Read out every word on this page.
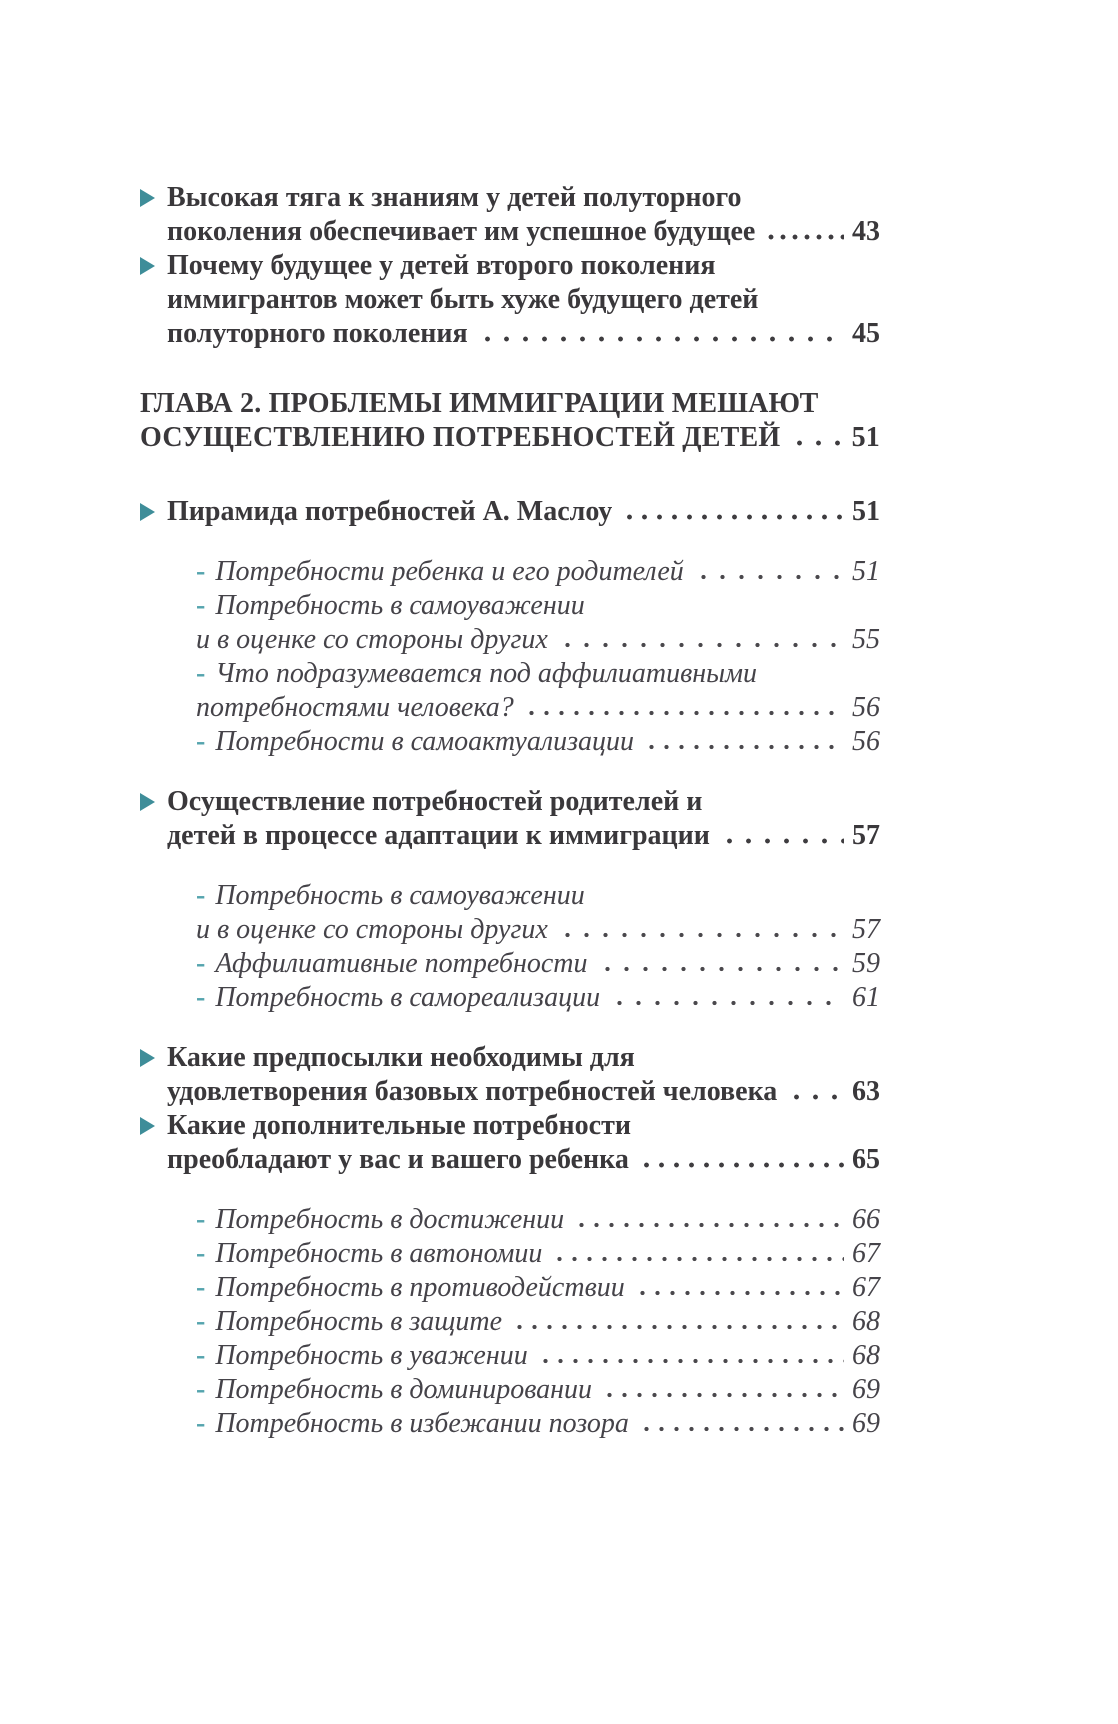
Высокая тяга к знаниям у детей полуторного
поколения обеспечивает им успешное будущее	43
Почему будущее у детей второго поколения
иммигрантов может быть хуже будущего детей
полуторного поколения	45
ГЛАВА 2. ПРОБЛЕМЫ ИММИГРАЦИИ МЕШАЮТ
ОСУЩЕСТВЛЕНИЮ ПОТРЕБНОСТЕЙ ДЕТЕЙ	51
Пирамида потребностей А. Маслоу	51
- Потребности ребенка и его родителей	51
- Потребность в самоуважении
и в оценке со стороны других	55
- Что подразумевается под аффилиативными
потребностями человека?	56
- Потребности в самоактуализации	56
Осуществление потребностей родителей и
детей в процессе адаптации к иммиграции	57
- Потребность в самоуважении
и в оценке со стороны других	57
- Аффилиативные потребности	59
- Потребность в самореализации	61
Какие предпосылки необходимы для
удовлетворения базовых потребностей человека	63
Какие дополнительные потребности
преобладают у вас и вашего ребенка	65
- Потребность в достижении	66
- Потребность в автономии	67
- Потребность в противодействии	67
- Потребность в защите	68
- Потребность в уважении	68
- Потребность в доминировании	69
- Потребность в избежании позора	69
